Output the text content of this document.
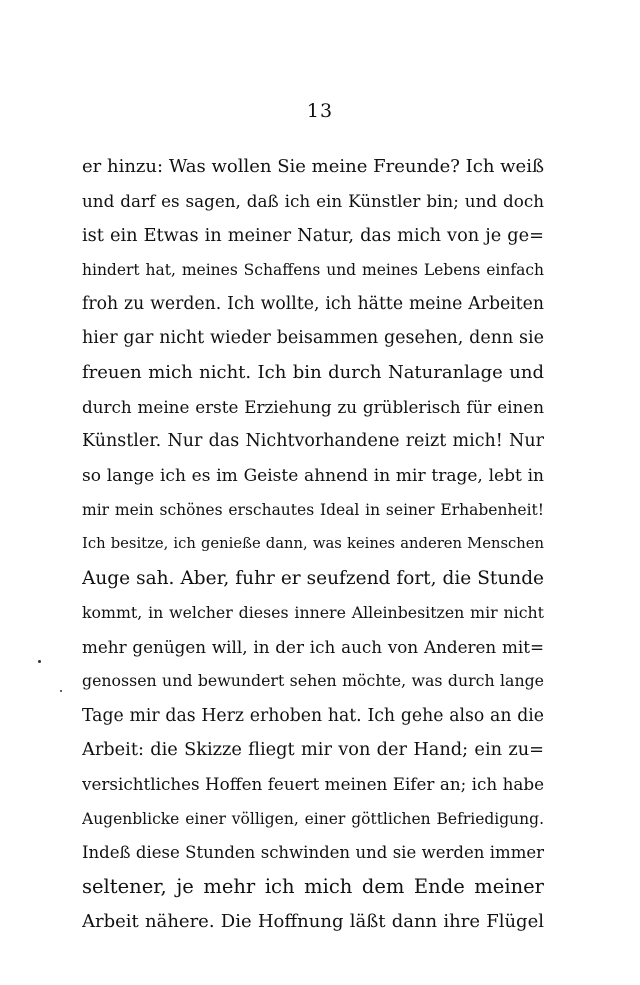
13
er hinzu: Was wollen Sie meine Freunde? Ich weiß
und darf es sagen, daß ich ein Künstler bin; und doch
ist ein Etwas in meiner Natur, das mich von je ge=
hindert hat, meines Schaffens und meines Lebens einfach
froh zu werden. Ich wollte, ich hätte meine Arbeiten
hier gar nicht wieder beisammen gesehen, denn sie
freuen mich nicht. Ich bin durch Naturanlage und
durch meine erste Erziehung zu grüblerisch für einen
Künstler. Nur das Nichtvorhandene reizt mich! Nur
so lange ich es im Geiste ahnend in mir trage, lebt in
mir mein schönes erschautes Ideal in seiner Erhabenheit!
Ich besitze, ich genieße dann, was keines anderen Menschen
Auge sah. Aber, fuhr er seufzend fort, die Stunde
kommt, in welcher dieses innere Alleinbesitzen mir nicht
mehr genügen will, in der ich auch von Anderen mit=
genossen und bewundert sehen möchte, was durch lange
Tage mir das Herz erhoben hat. Ich gehe also an die
Arbeit: die Skizze fliegt mir von der Hand; ein zu=
versichtliches Hoffen feuert meinen Eifer an; ich habe
Augenblicke einer völligen, einer göttlichen Befriedigung.
Indeß diese Stunden schwinden und sie werden immer
seltener, je mehr ich mich dem Ende meiner
Arbeit nähere. Die Hoffnung läßt dann ihre Flügel
